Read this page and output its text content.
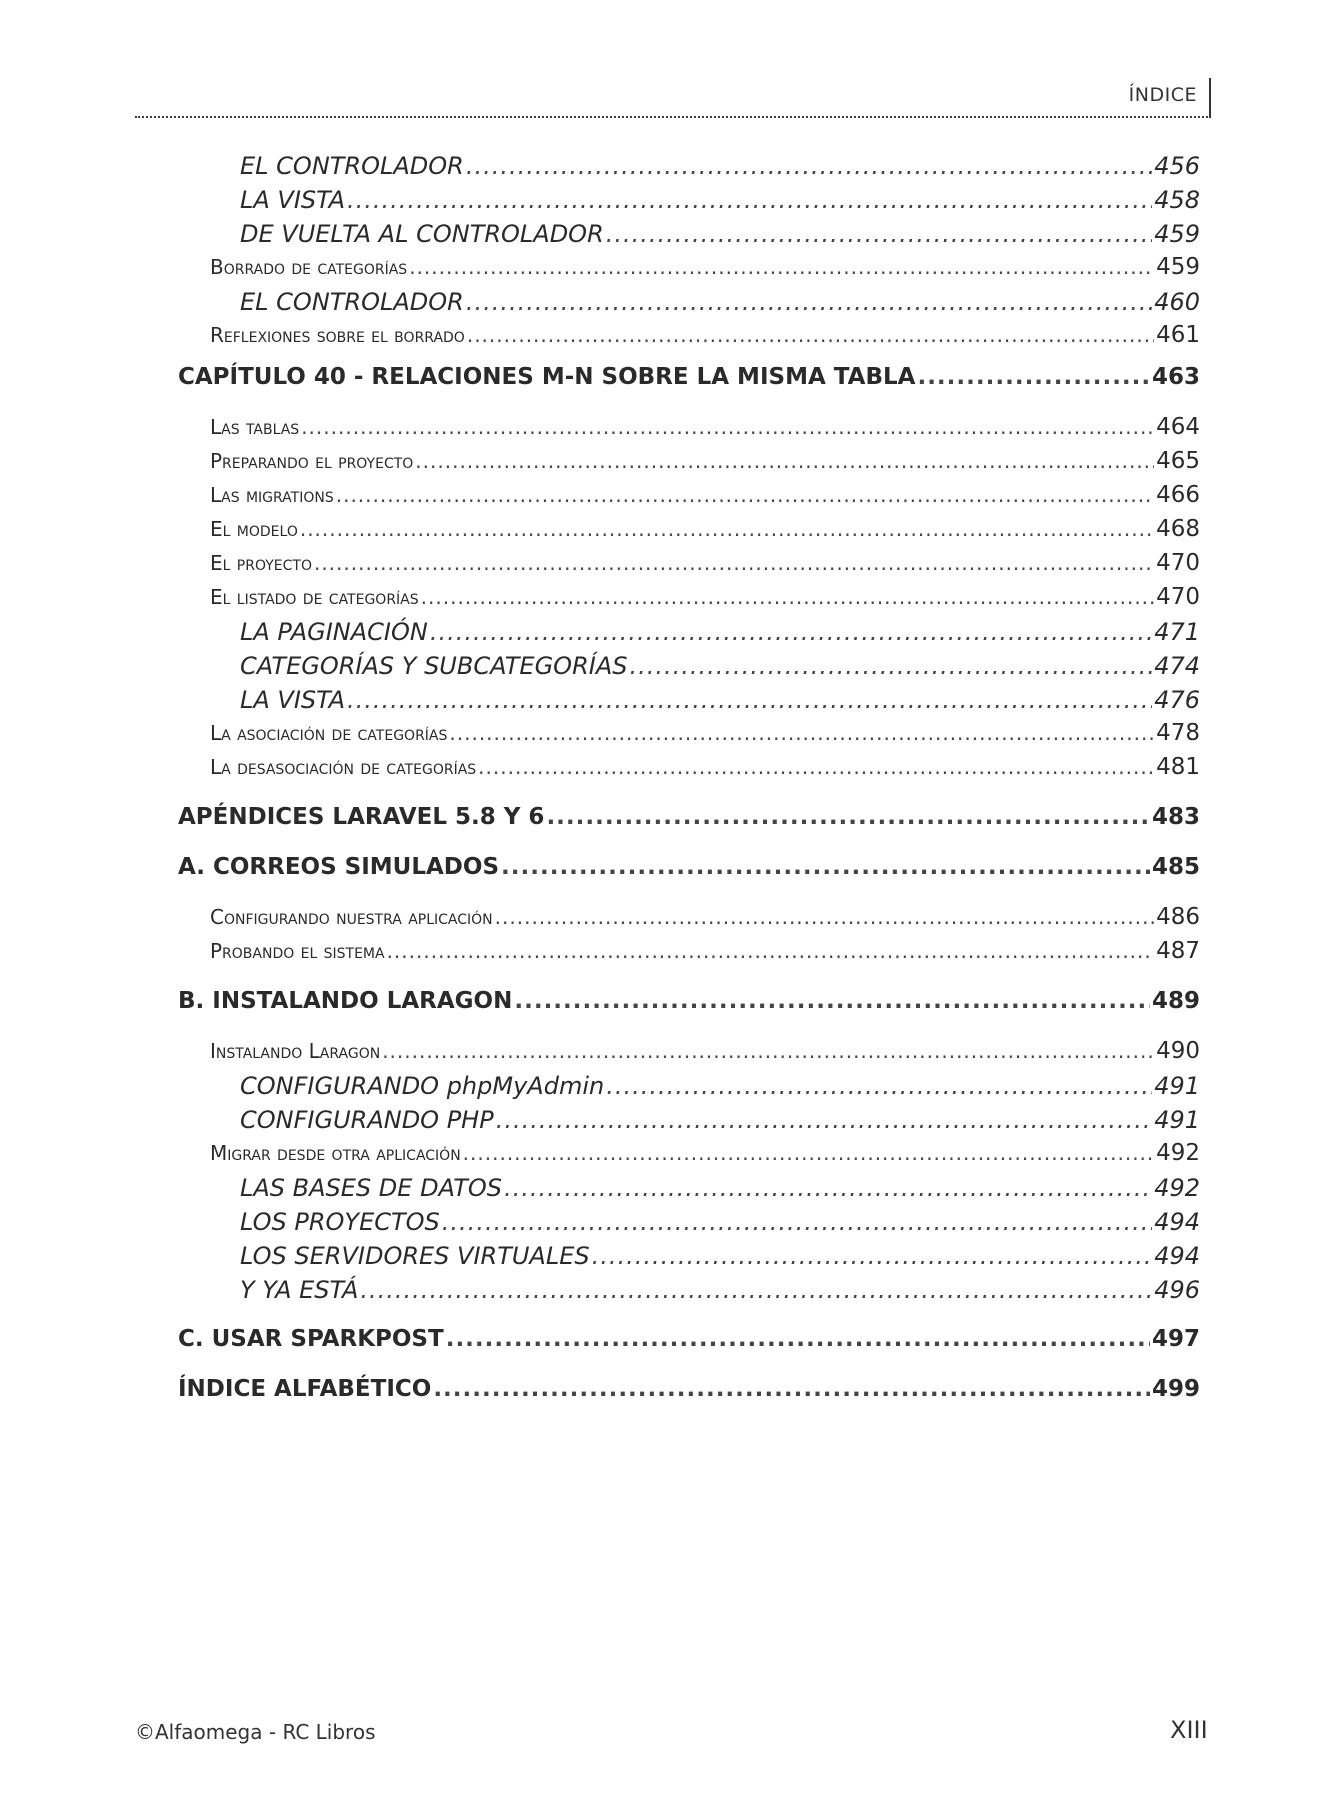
ÍNDICE
EL CONTROLADOR .....	456
LA VISTA .....	458
DE VUELTA AL CONTROLADOR .....	459
Borrado de categorías .....	459
EL CONTROLADOR .....	460
Reflexiones sobre el borrado .....	461
CAPÍTULO 40 - RELACIONES M-N SOBRE LA MISMA TABLA .....	463
Las tablas .....	464
Preparando el proyecto .....	465
Las migrations .....	466
El modelo .....	468
El proyecto .....	470
El listado de categorías .....	470
LA PAGINACIÓN .....	471
CATEGORÍAS Y SUBCATEGORÍAS .....	474
LA VISTA .....	476
La asociación de categorías .....	478
La desasociación de categorías .....	481
APÉNDICES LARAVEL 5.8 Y 6 .....	483
A. CORREOS SIMULADOS .....	485
Configurando nuestra aplicación .....	486
Probando el sistema .....	487
B. INSTALANDO LARAGON .....	489
Instalando Laragon .....	490
CONFIGURANDO phpMyAdmin .....	491
CONFIGURANDO PHP .....	491
Migrar desde otra aplicación .....	492
LAS BASES DE DATOS .....	492
LOS PROYECTOS .....	494
LOS SERVIDORES VIRTUALES .....	494
Y YA ESTÁ .....	496
C. USAR SPARKPOST .....	497
ÍNDICE ALFABÉTICO .....	499
©Alfaomega - RC Libros	XIII
